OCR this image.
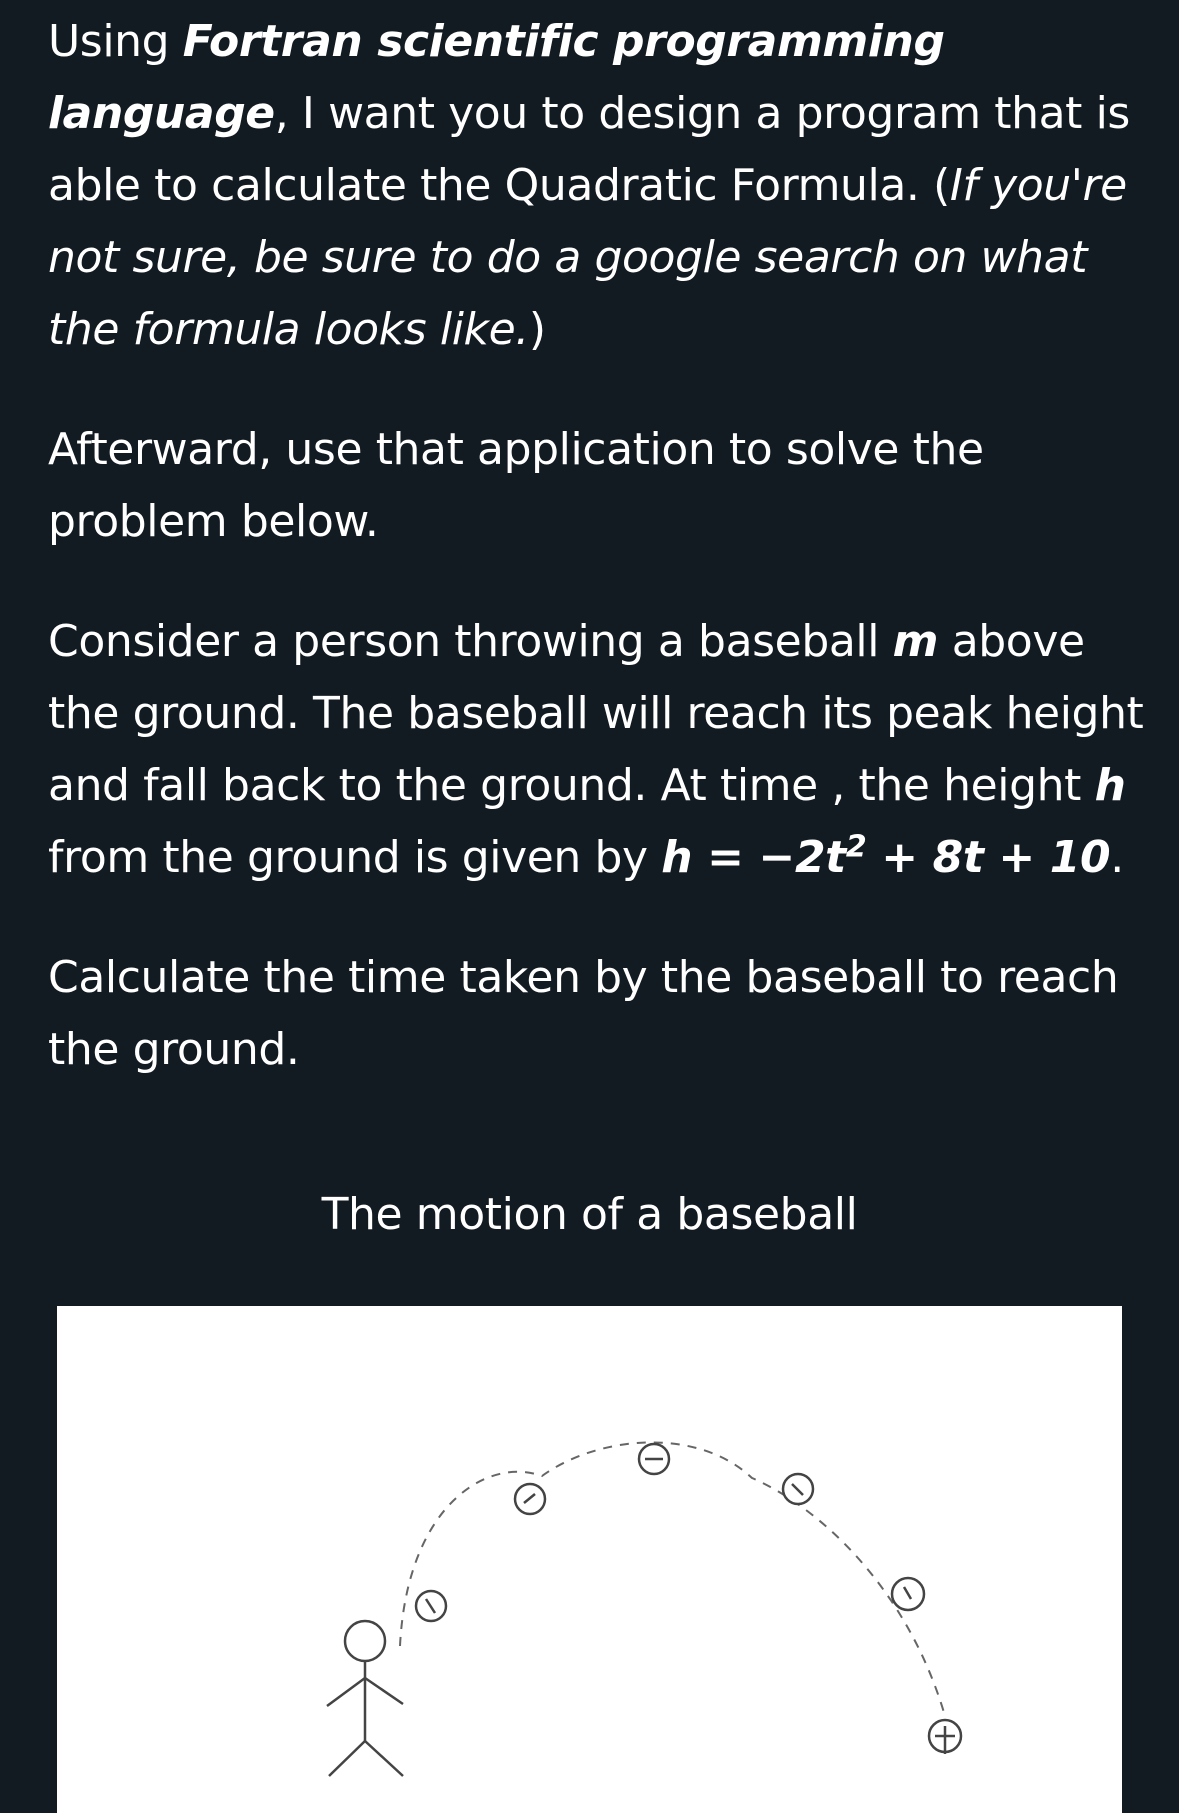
Using Fortran scientific programming language, I want you to design a program that is able to calculate the Quadratic Formula. (If you're not sure, be sure to do a google search on what the formula looks like.)

Afterward, use that application to solve the problem below.

Consider a person throwing a baseball m above the ground. The baseball will reach its peak height and fall back to the ground. At time , the height h from the ground is given by $h = -2t^2 + 8t + 10$.

Calculate the time taken by the baseball to reach the ground.

The motion of a baseball
